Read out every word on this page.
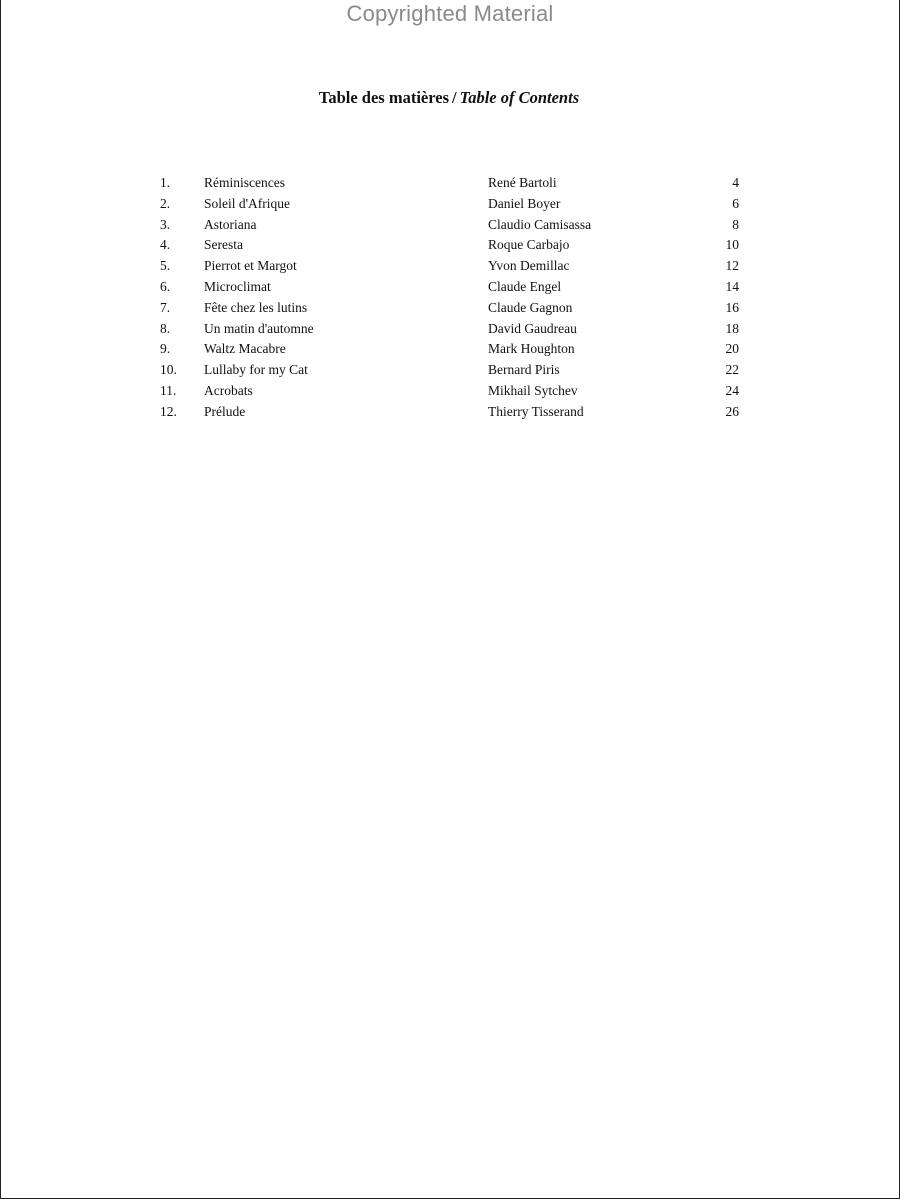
Copyrighted Material
Table des matières / Table of Contents
1.	Réminiscences	René Bartoli	4
2.	Soleil d'Afrique	Daniel Boyer	6
3.	Astoriana	Claudio Camisassa	8
4.	Seresta	Roque Carbajo	10
5.	Pierrot et Margot	Yvon Demillac	12
6.	Microclimat	Claude Engel	14
7.	Fête chez les lutins	Claude Gagnon	16
8.	Un matin d'automne	David Gaudreau	18
9.	Waltz Macabre	Mark Houghton	20
10. Lullaby for my Cat	Bernard Piris	22
11. Acrobats	Mikhail Sytchev	24
12. Prélude	Thierry Tisserand	26
